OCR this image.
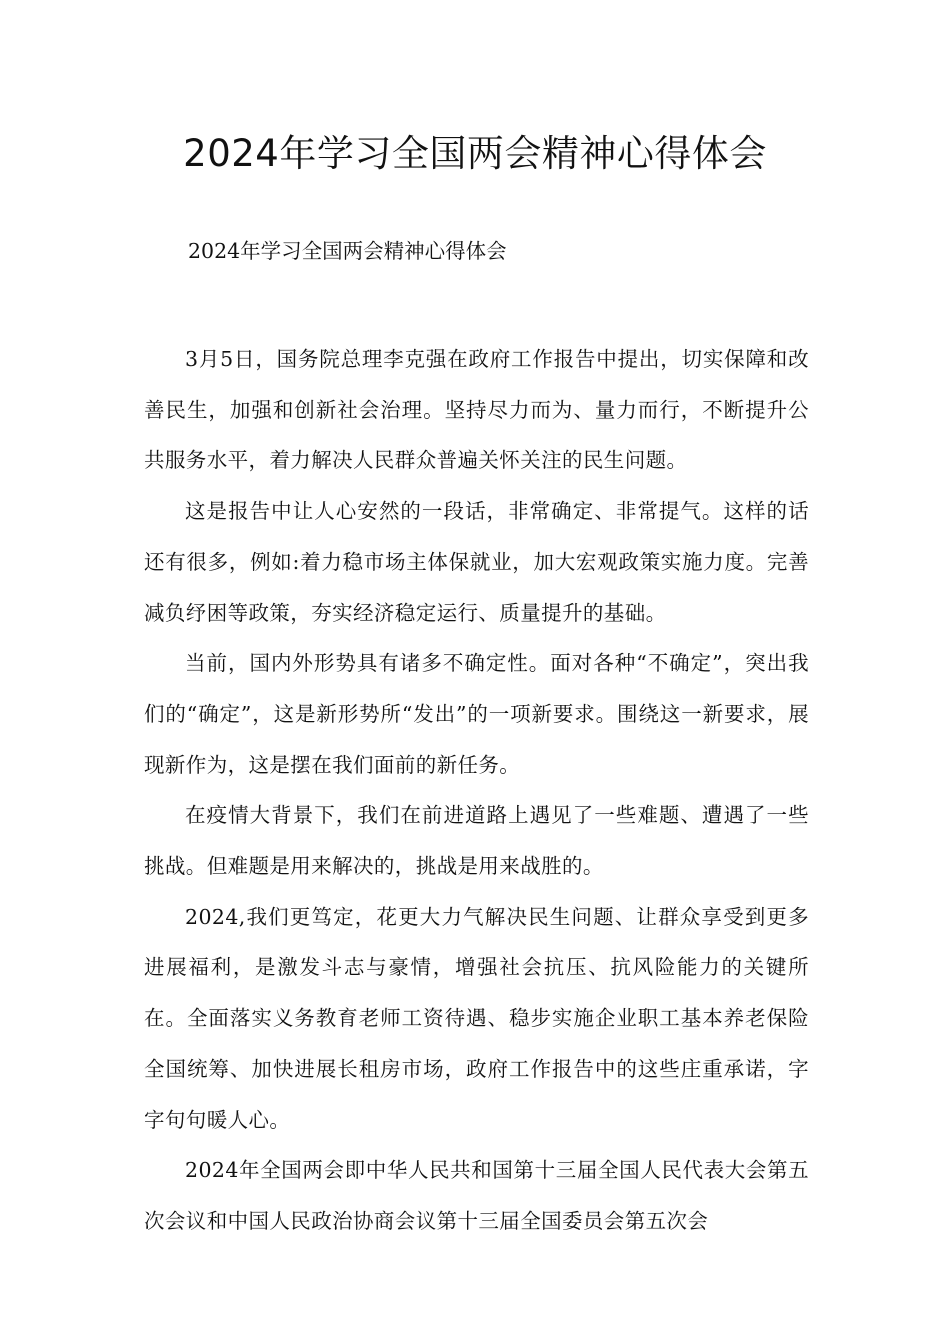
2024年学习全国两会精神心得体会

2024年学习全国两会精神心得体会

3月5日，国务院总理李克强在政府工作报告中提出，切实保障和改善民生，加强和创新社会治理。坚持尽力而为、量力而行，不断提升公共服务水平，着力解决人民群众普遍关怀关注的民生问题。

这是报告中让人心安然的一段话，非常确定、非常提气。这样的话还有很多，例如:着力稳市场主体保就业，加大宏观政策实施力度。完善减负纾困等政策，夯实经济稳定运行、质量提升的基础。

当前，国内外形势具有诸多不确定性。面对各种“不确定”，突出我们的“确定”，这是新形势所“发出”的一项新要求。围绕这一新要求，展现新作为，这是摆在我们面前的新任务。

在疫情大背景下，我们在前进道路上遇见了一些难题、遭遇了一些挑战。但难题是用来解决的，挑战是用来战胜的。

2024,我们更笃定，花更大力气解决民生问题、让群众享受到更多进展福利，是激发斗志与豪情，增强社会抗压、抗风险能力的关键所在。全面落实义务教育老师工资待遇、稳步实施企业职工基本养老保险全国统筹、加快进展长租房市场，政府工作报告中的这些庄重承诺，字字句句暖人心。

2024年全国两会即中华人民共和国第十三届全国人民代表大会第五次会议和中国人民政治协商会议第十三届全国委员会第五次会
